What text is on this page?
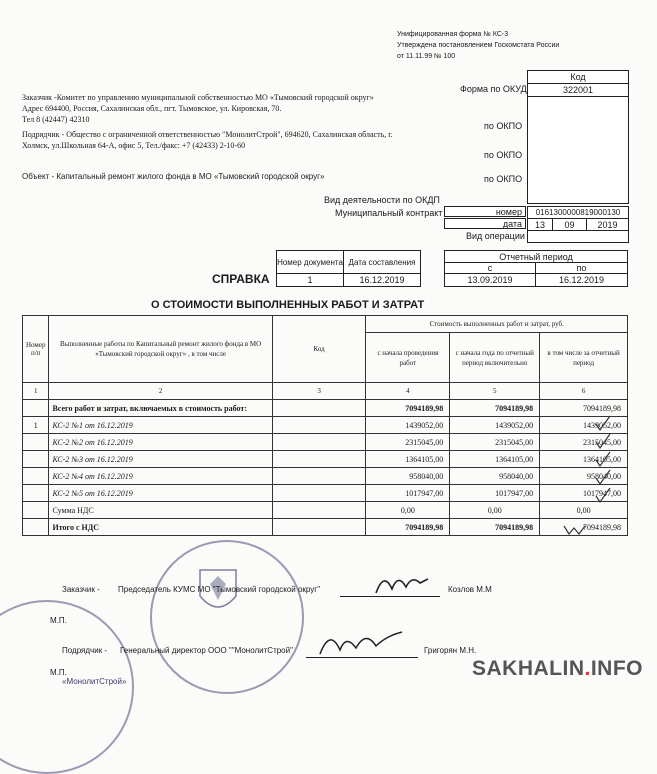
Унифицированная форма № КС-3
Утверждена постановлением Госкомстата России
от 11.11.99 № 100
Код
Форма по ОКУД	322001
по ОКПО
по ОКПО
по ОКПО
Вид деятельности по ОКДП
Муниципальный контракт	номер	0161300000819000130
дата	13	09	2019
Вид операции
Заказчик -Комитет по управлению муниципальной собственностью МО «Тымовский городской округ»
Адрес 694400, Россия, Сахалинская обл., пгт. Тымовское, ул. Кировская, 70.
Тел 8 (42447) 42310
Подрядчик - Общество с ограниченной ответственностью "МонолитСтрой", 694620, Сахалинская область, г.
Холмск, ул.Школьная 64-А, офис 5, Тел./факс: +7 (42433) 2-10-60
Объект - Капитальный ремонт жилого фонда в МО «Тымовский городской округ»
СПРАВКА
Номер документа Дата составления
1	16.12.2019
Отчетный период
с	по
13.09.2019	16.12.2019
О СТОИМОСТИ ВЫПОЛНЕННЫХ РАБОТ И ЗАТРАТ
Номер п/п	Выполненные работы по Капитальный ремонт жилого фонда в МО «Тымовский городской округ» , в том числе	Код	Стоимость выполненных работ и затрат, руб.		
			с начала проведения работ	с начала года по отчетный период включительно	в том числе за отчетный период
1	2	3	4	5	6
	Всего работ и затрат, включаемых в стоимость работ:		7094189,98	7094189,98	7094189,98
1	КС-2 №1 от 16.12.2019		1439052,00	1439052,00	1439052,00
	КС-2 №2 от 16.12.2019		2315045,00	2315045,00	2315045,00
	КС-2 №3 от 16.12.2019		1364105,00	1364105,00	1364105,00
	КС-2 №4 от 16.12.2019		958040,00	958040,00	958040,00
	КС-2 №5 от 16.12.2019		1017947,00	1017947,00	1017947,00
	Сумма НДС		0,00	0,00	0,00
	Итого с НДС		7094189,98	7094189,98	7094189,98
Заказчик - Председатель КУМС МО "Тымовский городской округ"	Козлов М.М
М.П.
Подрядчик - Генеральный директор ООО ""МонолитСтрой"	Григорян М.Н.
М.П.
«МонолитСтрой»
SAKHALIN.INFO
